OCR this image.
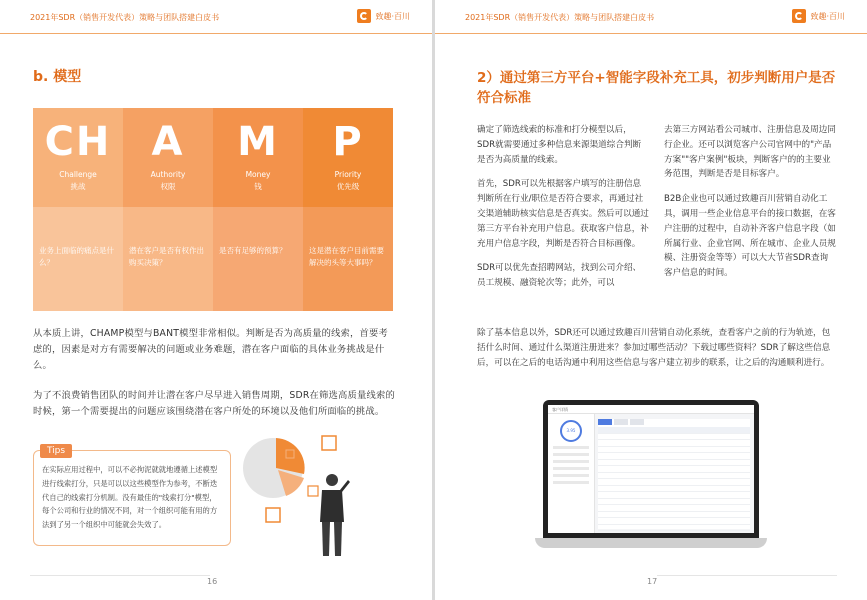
2021年SDR（销售开发代表）策略与团队搭建白皮书	致趣·百川
b. 模型
CH
Challenge
挑战
业务上面临的痛点是什么？
A
Authority
权限
潜在客户是否有权作出购买决策？
M
Money
钱
是否有足够的预算？
P
Priority
优先级
这是潜在客户目前需要解决的头等大事吗？
从本质上讲，CHAMP模型与BANT模型非常相似。判断是否为高质量的线索，首要考虑的，因素是对方有需要解决的问题或业务难题，潜在客户面临的具体业务挑战是什么。
为了不浪费销售团队的时间并让潜在客户尽早进入销售周期，SDR在筛选高质量线索的时候，第一个需要提出的问题应该围绕潜在客户所处的环境以及他们所面临的挑战。
Tips
在实际应用过程中，可以不必拘泥就就地遵循上述模型进行线索打分，只是可以以这些模型作为参考，不断迭代自己的线索打分机制。没有最佳的"线索打分"模型，每个公司和行业的情况不同，对一个组织可能有用的方法到了另一个组织中可能就会失效了。
16
2021年SDR（销售开发代表）策略与团队搭建白皮书	致趣·百川
2）通过第三方平台+智能字段补充工具，初步判断用户是否符合标准

确定了筛选线索的标准和打分模型以后，SDR就需要通过多种信息来源渠道综合判断是否为高质量的线索。

首先，SDR可以先根据客户填写的注册信息判断所在行业/职位是否符合要求，再通过社交渠道辅助核实信息是否真实。然后可以通过第三方平台补充用户信息。获取客户信息，补充用户信息字段，判断是否符合目标画像。

SDR可以优先查招聘网站，找到公司介绍、员工规模、融资轮次等；此外，可以

去第三方网站看公司城市、注册信息及周边同行企业。还可以浏览客户公司官网中的"产品方案""客户案例"板块，判断客户的的主要业务范围，判断是否是目标客户。

B2B企业也可以通过致趣百川营销自动化工具，调用一些企业信息平台的接口数据，在客户注册的过程中，自动补齐客户信息字段（如所属行业、企业官网、所在城市、企业人员规模、注册资金等等）可以大大节省SDR查询客户信息的时间。

除了基本信息以外，SDR还可以通过致趣百川营销自动化系统，查看客户之前的行为轨迹，包括什么时间、通过什么渠道注册进来？参加过哪些活动？下载过哪些资料？SDR了解这些信息后，可以在之后的电话沟通中利用这些信息与客户建立初步的联系，让之后的沟通顺利进行。
客户详情
3.95
17
